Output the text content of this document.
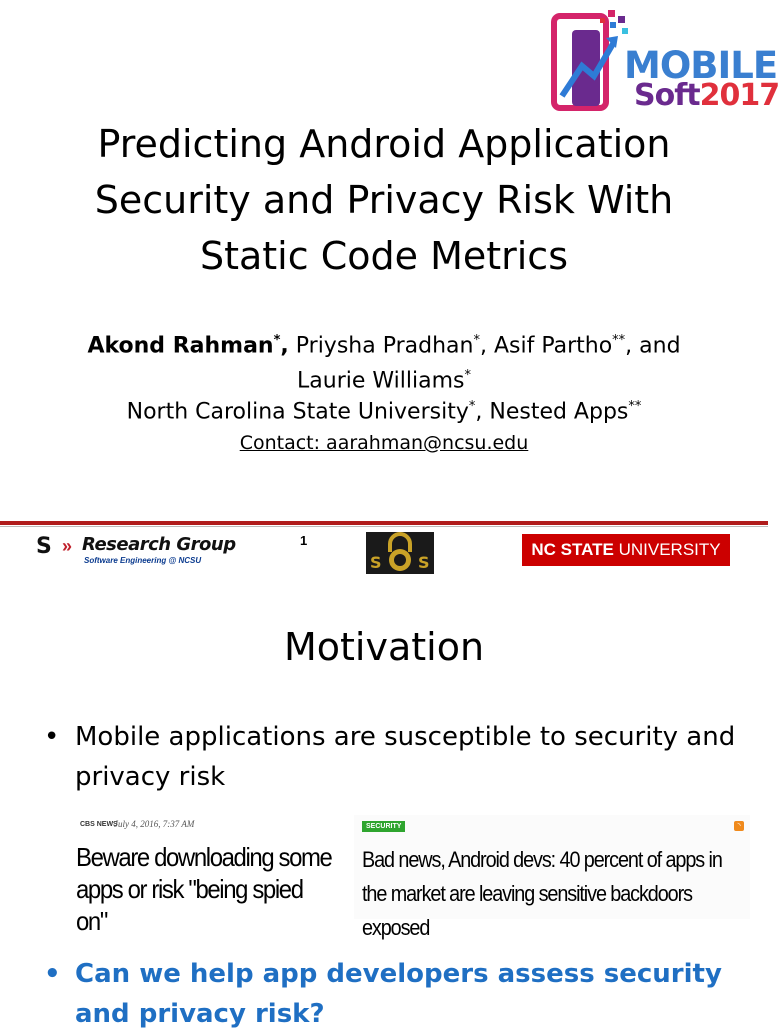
MOBILE
Soft2017
Predicting Android Application
Security and Privacy Risk With
Static Code Metrics
Akond Rahman*, Priysha Pradhan*, Asif Partho**, and
Laurie Williams*
North Carolina State University*, Nested Apps**
Contact: aarahman@ncsu.edu
S » Research Group
Software Engineering @ NCSU
1
S S
NC STATE UNIVERSITY
Motivation
• Mobile applications are susceptible to security and privacy risk
CBS NEWS
July 4, 2016, 7:37 AM
Beware downloading some apps or risk "being spied on"
SECURITY	◝
Bad news, Android devs: 40 percent of apps in the market are leaving sensitive backdoors exposed
• Can we help app developers assess security and privacy risk?
